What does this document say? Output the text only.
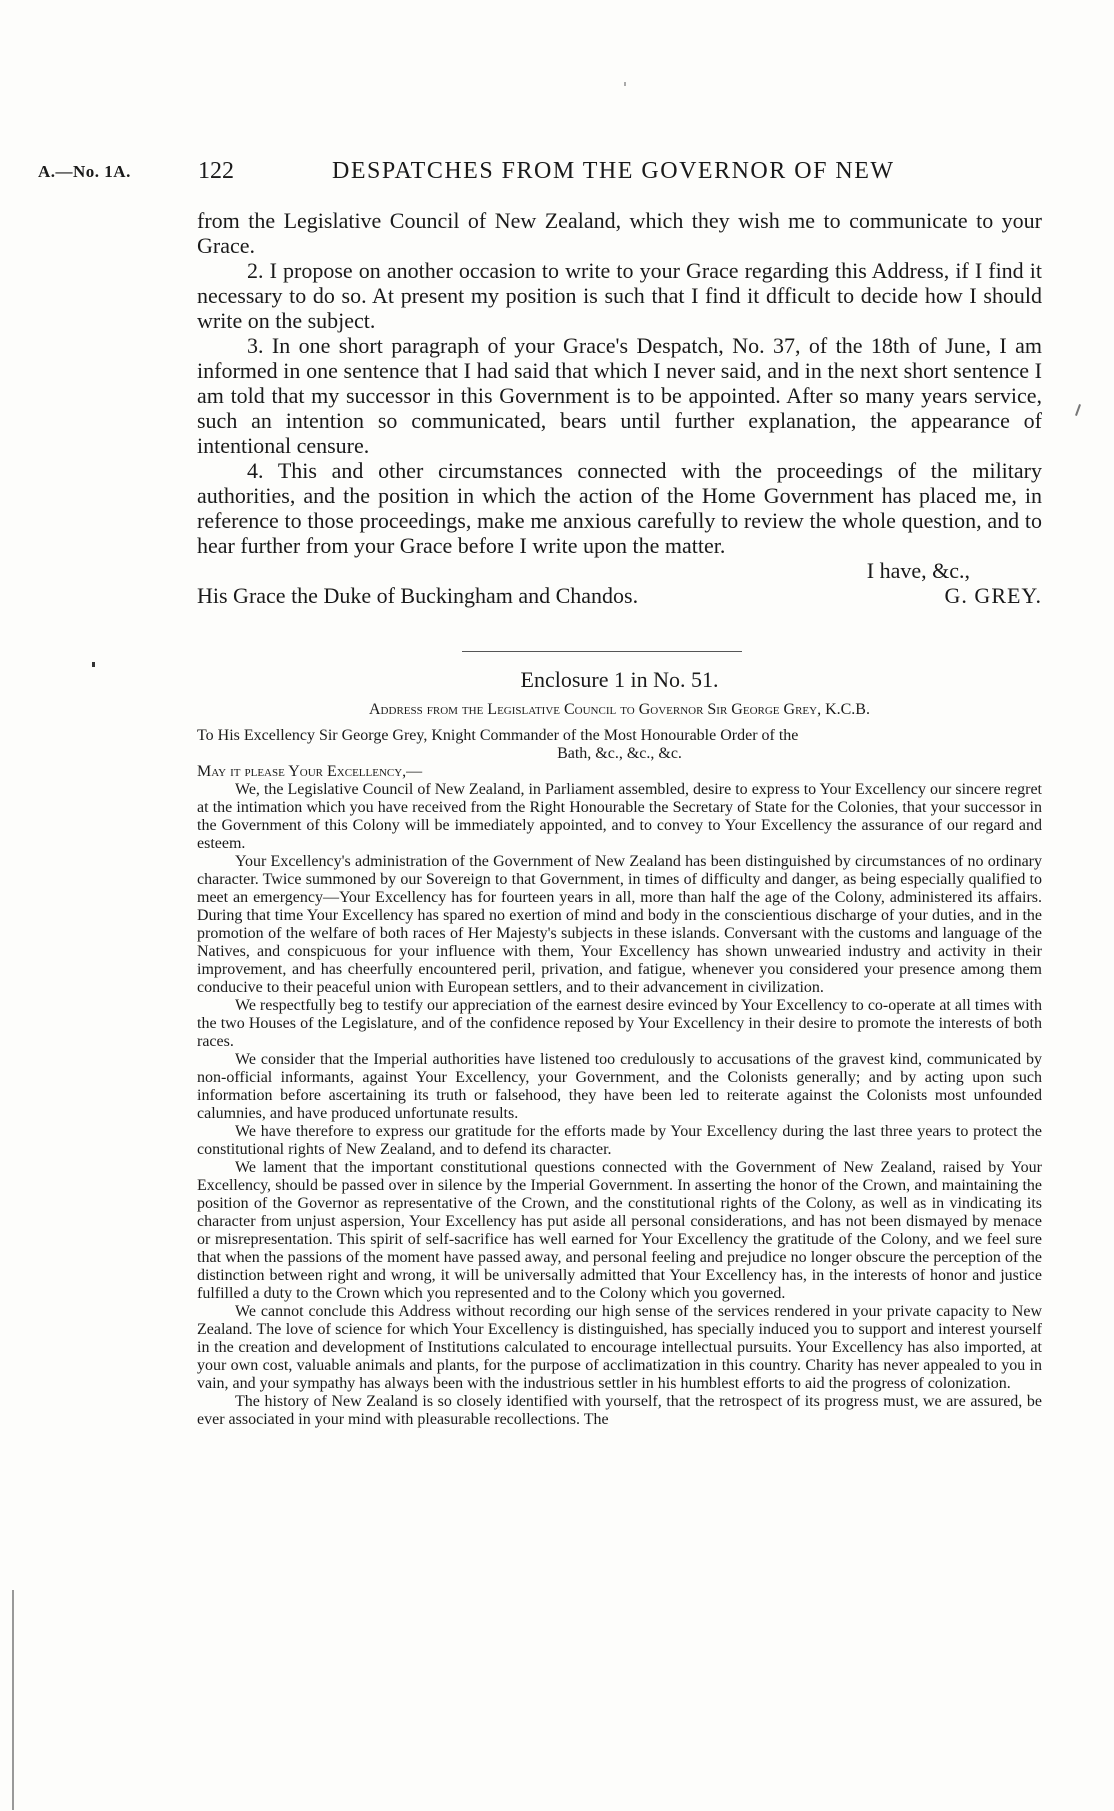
A.—No. 1A.	122	DESPATCHES FROM THE GOVERNOR OF NEW

from the Legislative Council of New Zealand, which they wish me to communicate to your Grace.

2. I propose on another occasion to write to your Grace regarding this Address, if I find it necessary to do so. At present my position is such that I find it dfficult to decide how I should write on the subject.

3. In one short paragraph of your Grace's Despatch, No. 37, of the 18th of June, I am informed in one sentence that I had said that which I never said, and in the next short sentence I am told that my successor in this Government is to be appointed. After so many years service, such an intention so communicated, bears until further explanation, the appearance of intentional censure.

4. This and other circumstances connected with the proceedings of the military authorities, and the position in which the action of the Home Government has placed me, in reference to those proceedings, make me anxious carefully to review the whole question, and to hear further from your Grace before I write upon the matter.

I have, &c.,
His Grace the Duke of Buckingham and Chandos.	G. GREY.
Enclosure 1 in No. 51.
Address from the Legislative Council to Governor Sir George Grey, K.C.B.

To His Excellency Sir George Grey, Knight Commander of the Most Honourable Order of the

Bath, &c., &c., &c.

May it please Your Excellency,—

We, the Legislative Council of New Zealand, in Parliament assembled, desire to express to Your Excellency our sincere regret at the intimation which you have received from the Right Honourable the Secretary of State for the Colonies, that your successor in the Government of this Colony will be immediately appointed, and to convey to Your Excellency the assurance of our regard and esteem.

Your Excellency's administration of the Government of New Zealand has been distinguished by circumstances of no ordinary character. Twice summoned by our Sovereign to that Government, in times of difficulty and danger, as being especially qualified to meet an emergency—Your Excellency has for fourteen years in all, more than half the age of the Colony, administered its affairs. During that time Your Excellency has spared no exertion of mind and body in the conscientious discharge of your duties, and in the promotion of the welfare of both races of Her Majesty's subjects in these islands. Conversant with the customs and language of the Natives, and conspicuous for your influence with them, Your Excellency has shown unwearied industry and activity in their improvement, and has cheerfully encountered peril, privation, and fatigue, whenever you considered your presence among them conducive to their peaceful union with European settlers, and to their advancement in civilization.

We respectfully beg to testify our appreciation of the earnest desire evinced by Your Excellency to co-operate at all times with the two Houses of the Legislature, and of the confidence reposed by Your Excellency in their desire to promote the interests of both races.

We consider that the Imperial authorities have listened too credulously to accusations of the gravest kind, communicated by non-official informants, against Your Excellency, your Government, and the Colonists generally; and by acting upon such information before ascertaining its truth or falsehood, they have been led to reiterate against the Colonists most unfounded calumnies, and have produced unfortunate results.

We have therefore to express our gratitude for the efforts made by Your Excellency during the last three years to protect the constitutional rights of New Zealand, and to defend its character.

We lament that the important constitutional questions connected with the Government of New Zealand, raised by Your Excellency, should be passed over in silence by the Imperial Government. In asserting the honor of the Crown, and maintaining the position of the Governor as representative of the Crown, and the constitutional rights of the Colony, as well as in vindicating its character from unjust aspersion, Your Excellency has put aside all personal considerations, and has not been dismayed by menace or misrepresentation. This spirit of self-sacrifice has well earned for Your Excellency the gratitude of the Colony, and we feel sure that when the passions of the moment have passed away, and personal feeling and prejudice no longer obscure the perception of the distinction between right and wrong, it will be universally admitted that Your Excellency has, in the interests of honor and justice fulfilled a duty to the Crown which you represented and to the Colony which you governed.

We cannot conclude this Address without recording our high sense of the services rendered in your private capacity to New Zealand. The love of science for which Your Excellency is distinguished, has specially induced you to support and interest yourself in the creation and development of Institutions calculated to encourage intellectual pursuits. Your Excellency has also imported, at your own cost, valuable animals and plants, for the purpose of acclimatization in this country. Charity has never appealed to you in vain, and your sympathy has always been with the industrious settler in his humblest efforts to aid the progress of colonization.

The history of New Zealand is so closely identified with yourself, that the retrospect of its progress must, we are assured, be ever associated in your mind with pleasurable recollections. The
